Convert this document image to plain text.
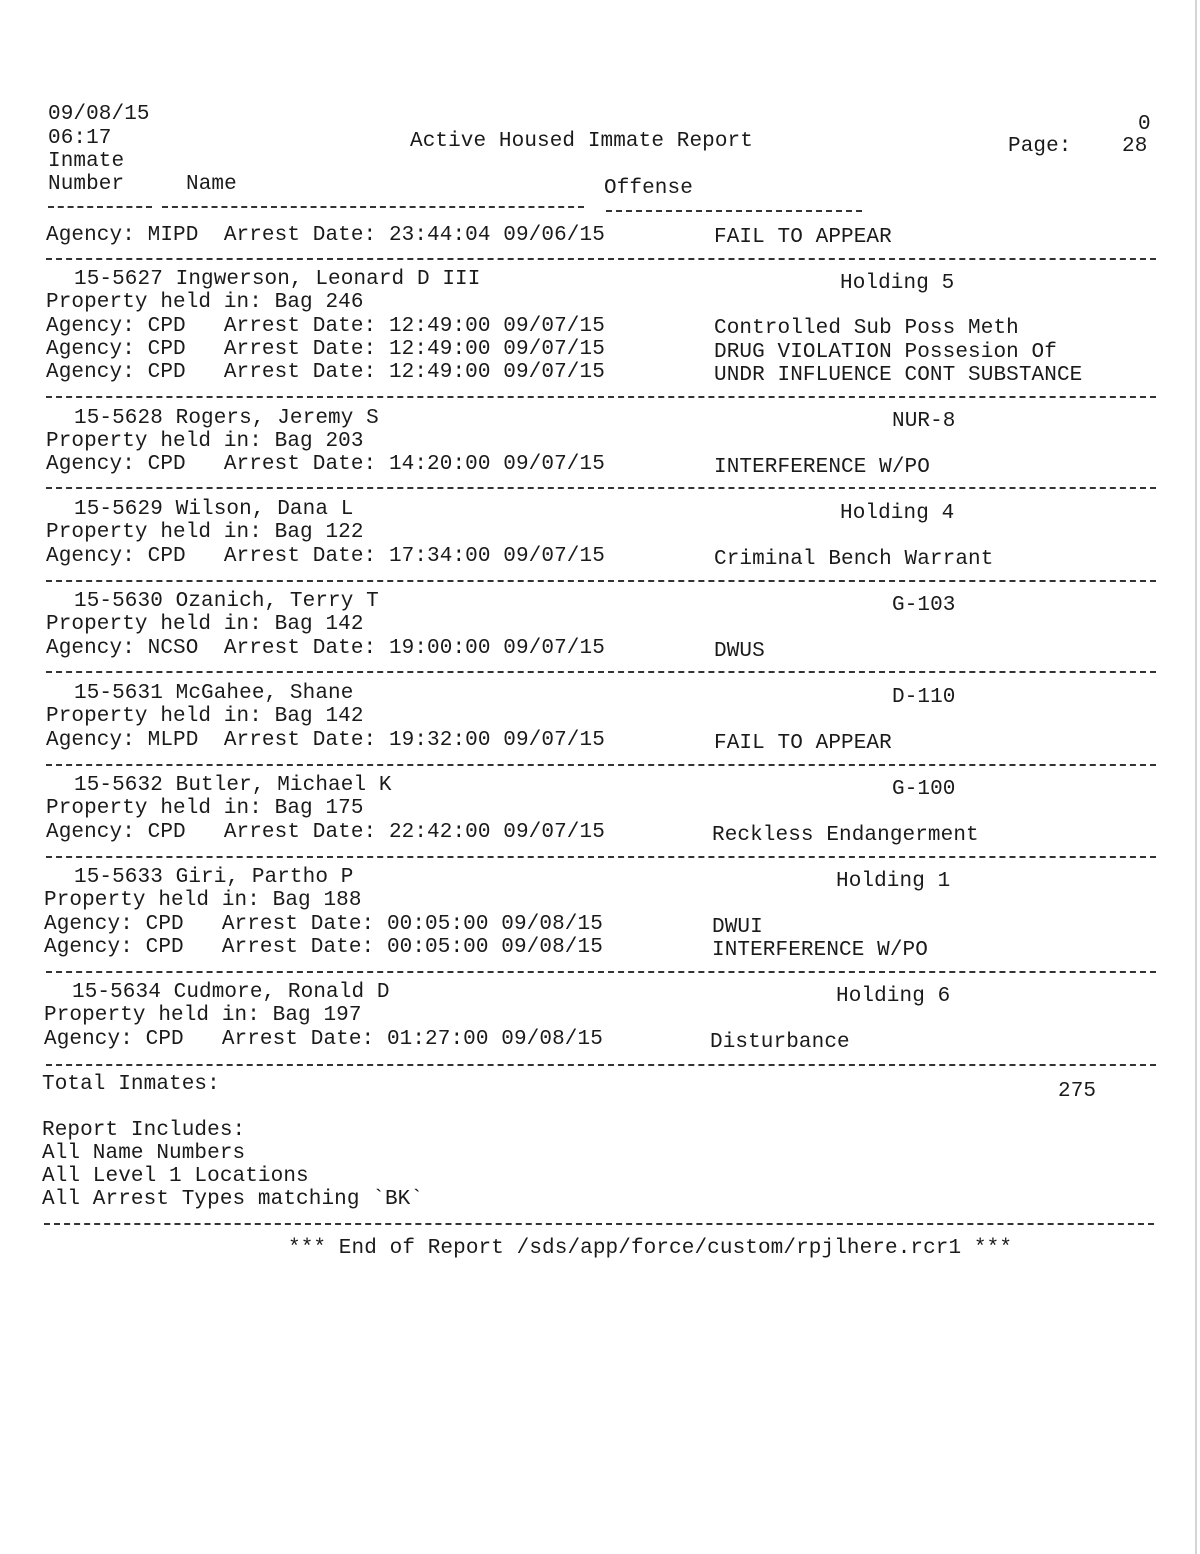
09/08/15
06:17
0
Active Housed Immate Report	Page: 28
Inmate
Number	Name	Offense
Agency: MIPD  Arrest Date: 23:44:04 09/06/15	FAIL TO APPEAR
15-5627 Ingwerson, Leonard D III	Holding 5
Property held in: Bag 246
Agency: CPD   Arrest Date: 12:49:00 09/07/15	Controlled Sub Poss Meth
Agency: CPD   Arrest Date: 12:49:00 09/07/15	DRUG VIOLATION Possesion Of
Agency: CPD   Arrest Date: 12:49:00 09/07/15	UNDR INFLUENCE CONT SUBSTANCE
15-5628 Rogers, Jeremy S	NUR-8
Property held in: Bag 203
Agency: CPD   Arrest Date: 14:20:00 09/07/15	INTERFERENCE W/PO
15-5629 Wilson, Dana L	Holding 4
Property held in: Bag 122
Agency: CPD   Arrest Date: 17:34:00 09/07/15	Criminal Bench Warrant
15-5630 Ozanich, Terry T	G-103
Property held in: Bag 142
Agency: NCSO  Arrest Date: 19:00:00 09/07/15	DWUS
15-5631 McGahee, Shane	D-110
Property held in: Bag 142
Agency: MLPD  Arrest Date: 19:32:00 09/07/15	FAIL TO APPEAR
15-5632 Butler, Michael K	G-100
Property held in: Bag 175
Agency: CPD   Arrest Date: 22:42:00 09/07/15	Reckless Endangerment
15-5633 Giri, Partho P	Holding 1
Property held in: Bag 188
Agency: CPD   Arrest Date: 00:05:00 09/08/15	DWUI
Agency: CPD   Arrest Date: 00:05:00 09/08/15	INTERFERENCE W/PO
15-5634 Cudmore, Ronald D	Holding 6
Property held in: Bag 197
Agency: CPD   Arrest Date: 01:27:00 09/08/15	Disturbance
Total Inmates:	275
Report Includes:
All Name Numbers
All Level 1 Locations
All Arrest Types matching `BK`
*** End of Report /sds/app/force/custom/rpjlhere.rcr1 ***
